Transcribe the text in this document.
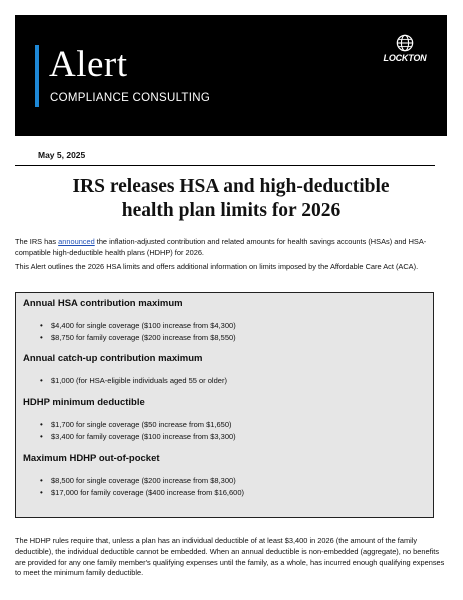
Alert
COMPLIANCE CONSULTING
LOCKTON
May 5, 2025
IRS releases HSA and high-deductible
health plan limits for 2026
The IRS has announced the inflation-adjusted contribution and related amounts for health savings accounts (HSAs) and HSA-compatible high-deductible health plans (HDHP) for 2026.
This Alert outlines the 2026 HSA limits and offers additional information on limits imposed by the Affordable Care Act (ACA).
Annual HSA contribution maximum
• $4,400 for single coverage ($100 increase from $4,300)
• $8,750 for family coverage ($200 increase from $8,550)
Annual catch-up contribution maximum
• $1,000 (for HSA-eligible individuals aged 55 or older)
HDHP minimum deductible
• $1,700 for single coverage ($50 increase from $1,650)
• $3,400 for family coverage ($100 increase from $3,300)
Maximum HDHP out-of-pocket
• $8,500 for single coverage ($200 increase from $8,300)
• $17,000 for family coverage ($400 increase from $16,600)
The HDHP rules require that, unless a plan has an individual deductible of at least $3,400 in 2026 (the amount of the family deductible), the individual deductible cannot be embedded. When an annual deductible is non-embedded (aggregate), no benefits are provided for any one family member's qualifying expenses until the family, as a whole, has incurred enough qualifying expenses to meet the minimum family deductible.
